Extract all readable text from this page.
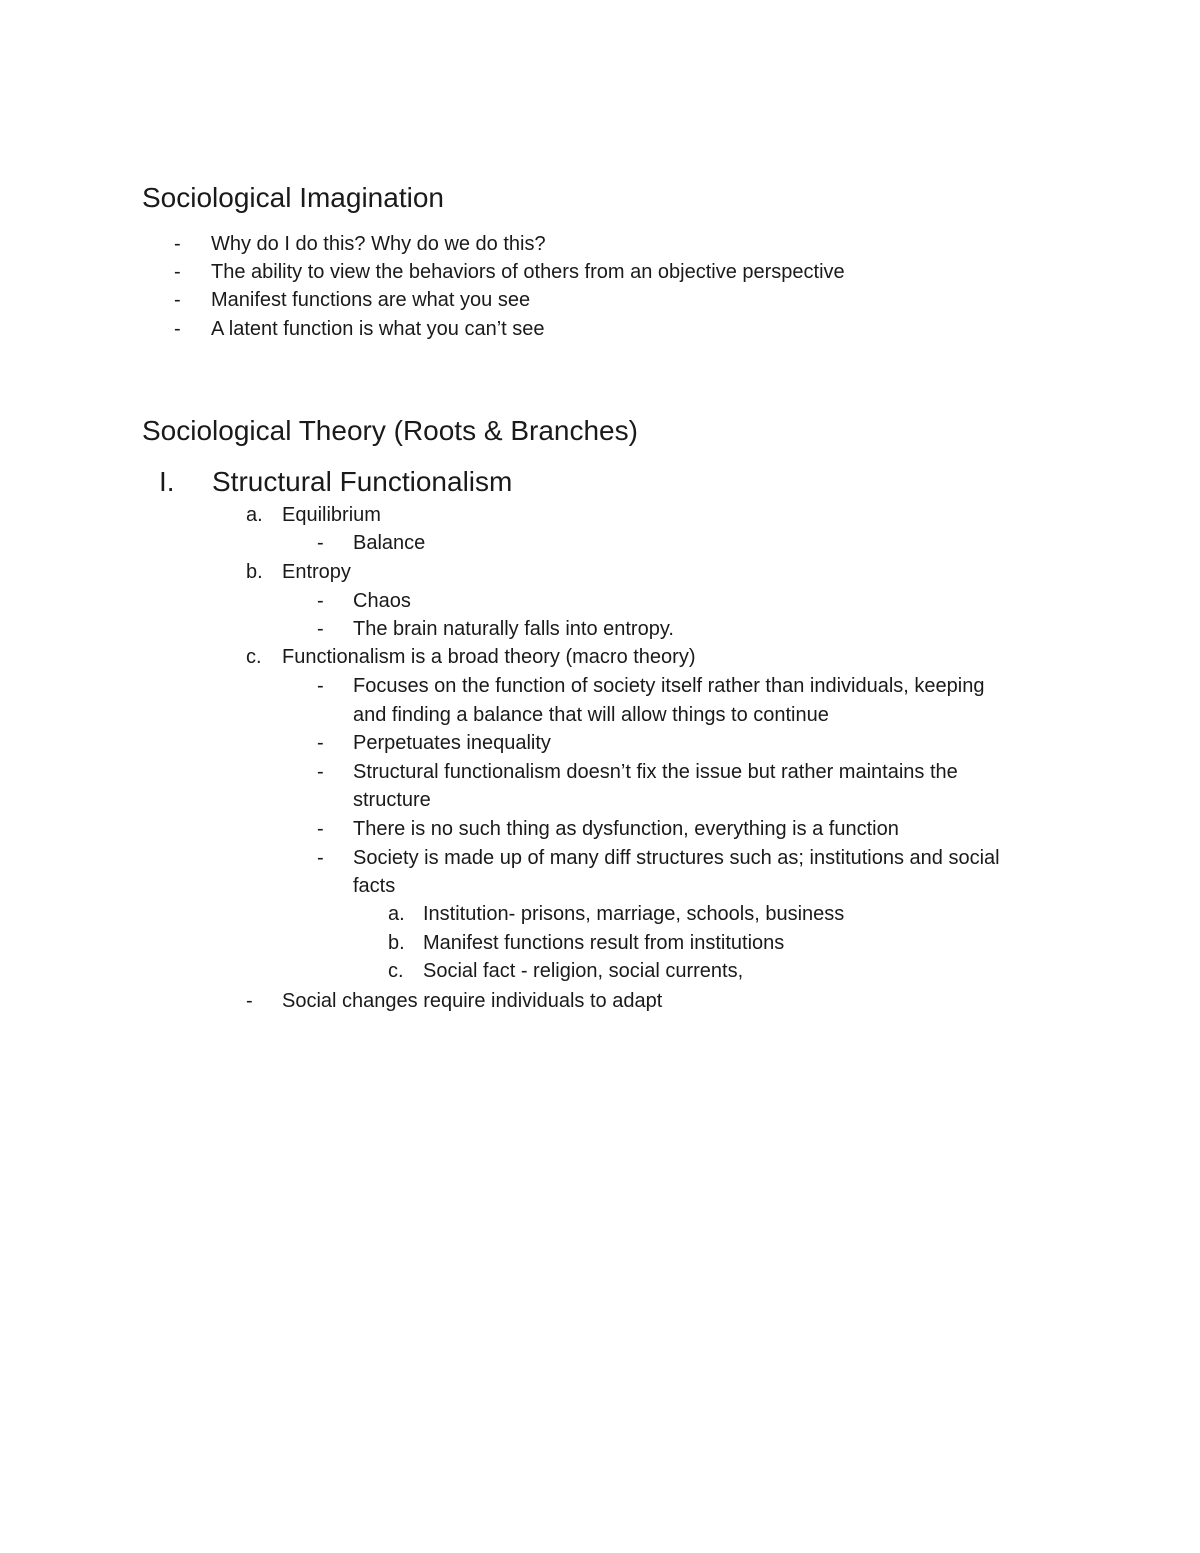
Sociological Imagination
- Why do I do this? Why do we do this?
- The ability to view the behaviors of others from an objective perspective
- Manifest functions are what you see
- A latent function is what you can’t see
Sociological Theory (Roots & Branches)
I. Structural Functionalism
a. Equilibrium
- Balance
b. Entropy
- Chaos
- The brain naturally falls into entropy.
c. Functionalism is a broad theory (macro theory)
- Focuses on the function of society itself rather than individuals, keeping
and finding a balance that will allow things to continue
- Perpetuates inequality
- Structural functionalism doesn’t fix the issue but rather maintains the
structure
- There is no such thing as dysfunction, everything is a function
- Society is made up of many diff structures such as; institutions and social
facts
a. Institution- prisons, marriage, schools, business
b. Manifest functions result from institutions
c. Social fact - religion, social currents,
- Social changes require individuals to adapt
